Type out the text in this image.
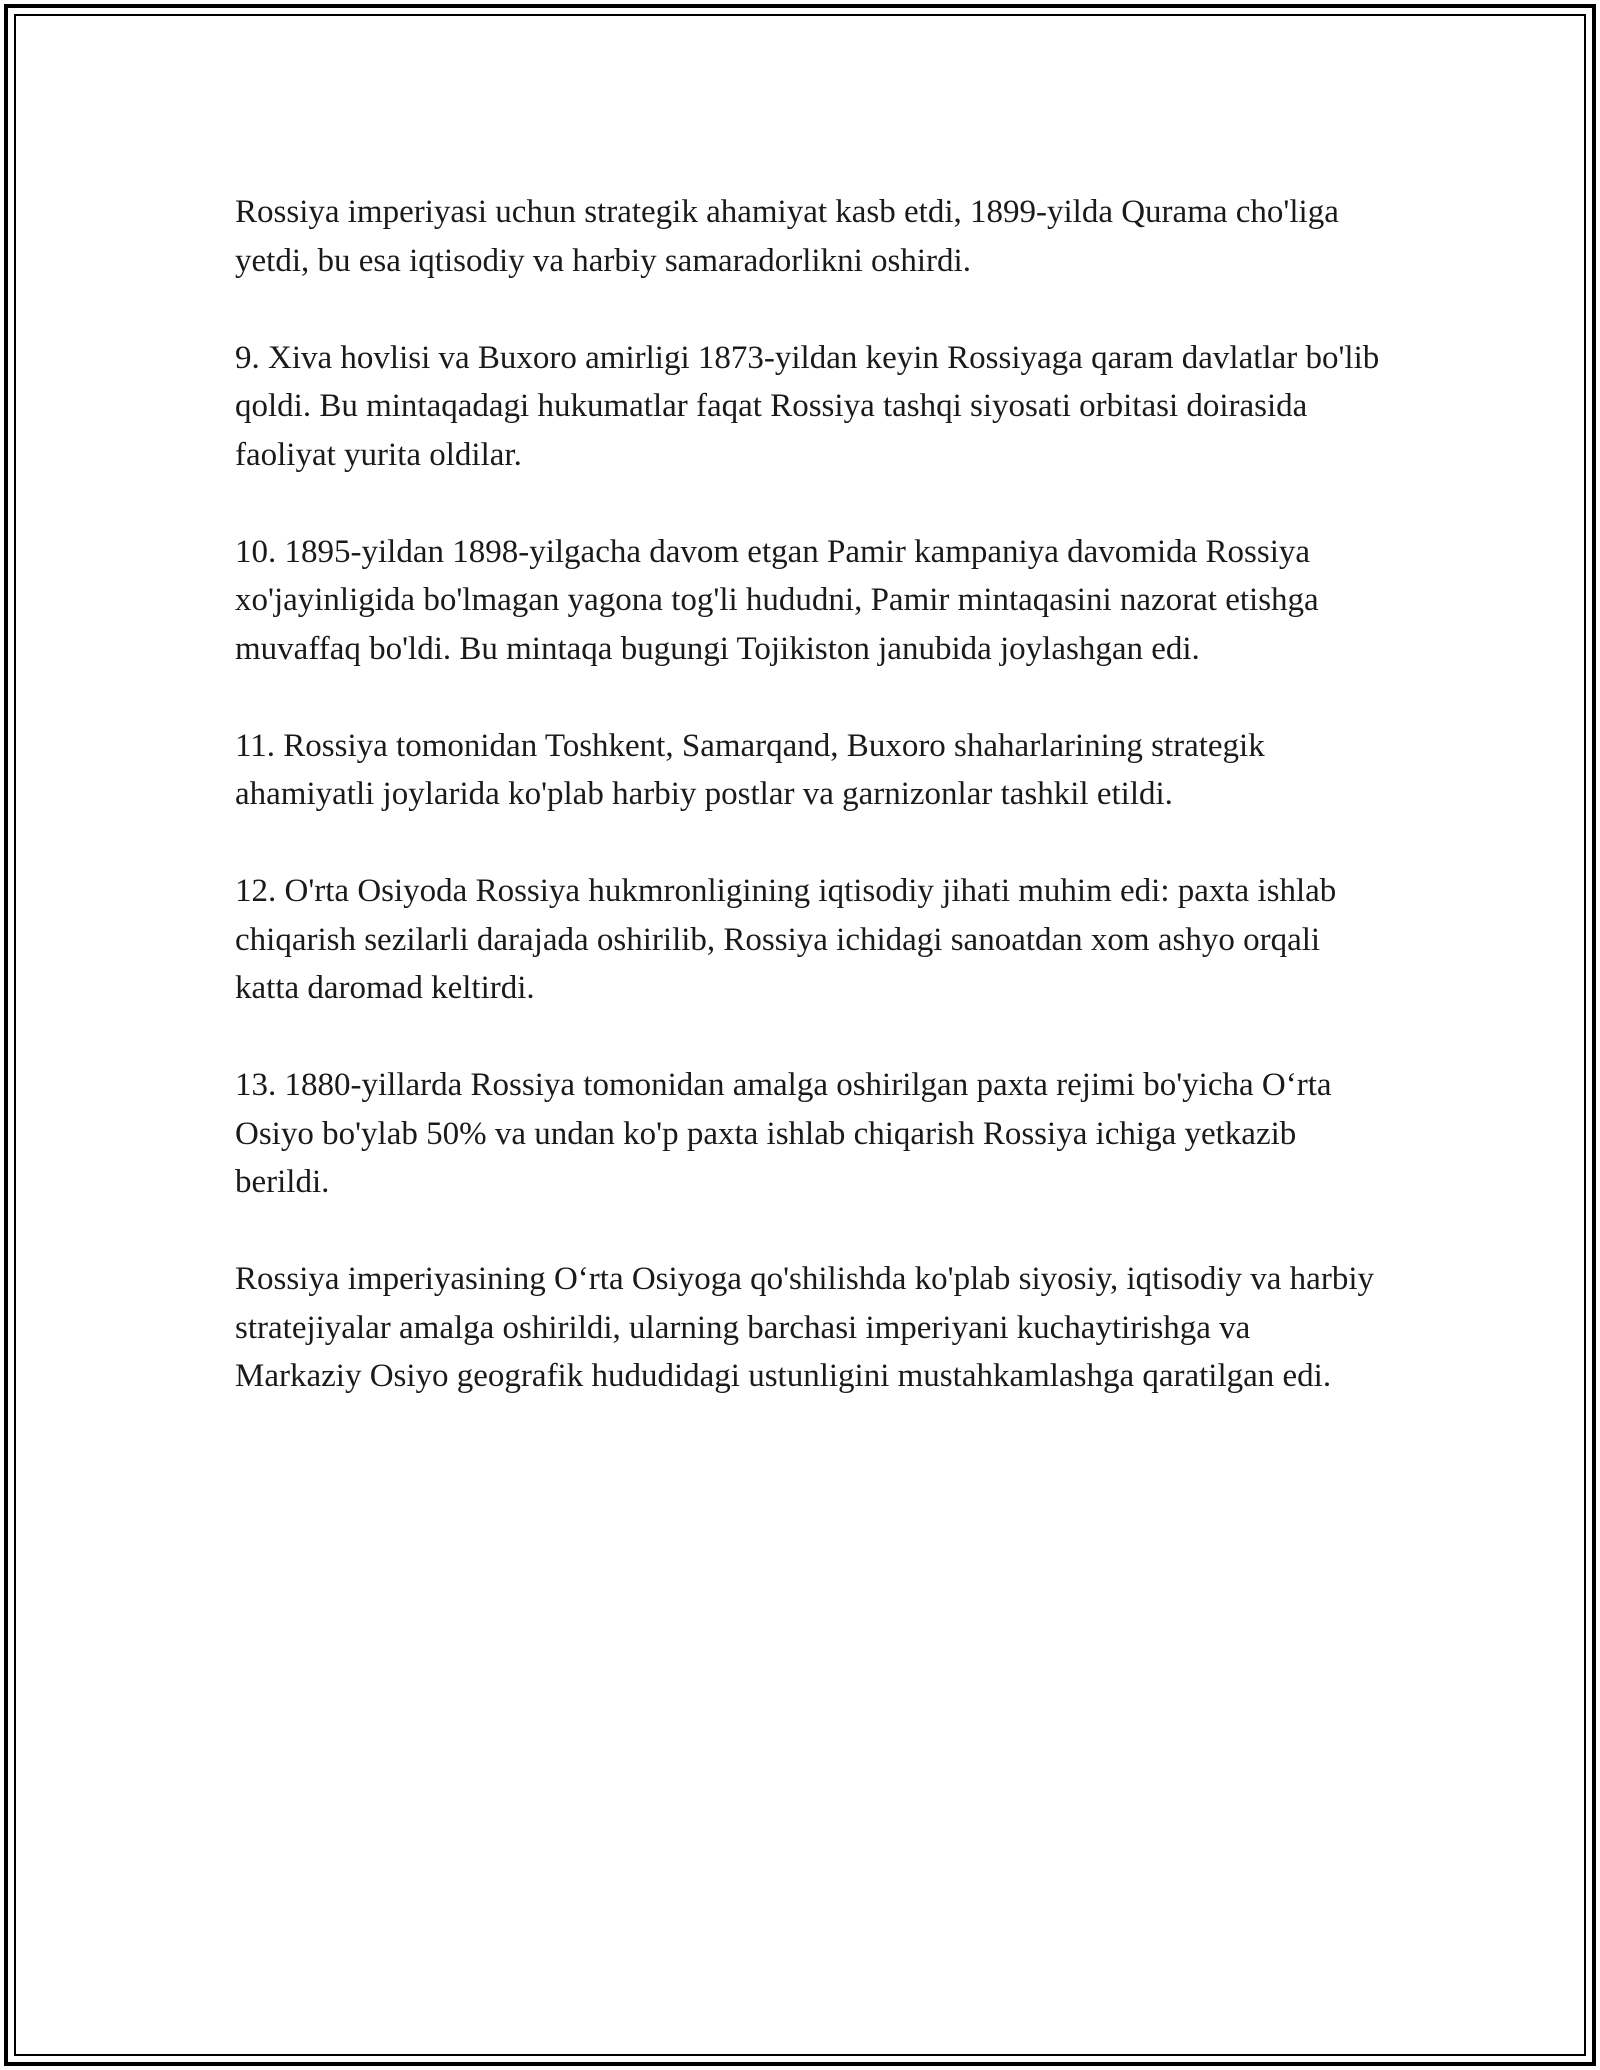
Rossiya imperiyasi uchun strategik ahamiyat kasb etdi, 1899-yilda Qurama cho'liga yetdi, bu esa iqtisodiy va harbiy samaradorlikni oshirdi.

9. Xiva hovlisi va Buxoro amirligi 1873-yildan keyin Rossiyaga qaram davlatlar bo'lib qoldi. Bu mintaqadagi hukumatlar faqat Rossiya tashqi siyosati orbitasi doirasida faoliyat yurita oldilar.

10. 1895-yildan 1898-yilgacha davom etgan Pamir kampaniya davomida Rossiya xo'jayinligida bo'lmagan yagona tog'li hududni, Pamir mintaqasini nazorat etishga muvaffaq bo'ldi. Bu mintaqa bugungi Tojikiston janubida joylashgan edi.

11. Rossiya tomonidan Toshkent, Samarqand, Buxoro shaharlarining strategik ahamiyatli joylarida ko'plab harbiy postlar va garnizonlar tashkil etildi.

12. O'rta Osiyoda Rossiya hukmronligining iqtisodiy jihati muhim edi: paxta ishlab chiqarish sezilarli darajada oshirilib, Rossiya ichidagi sanoatdan xom ashyo orqali katta daromad keltirdi.

13. 1880-yillarda Rossiya tomonidan amalga oshirilgan paxta rejimi bo'yicha Oʻrta Osiyo bo'ylab 50% va undan ko'p paxta ishlab chiqarish Rossiya ichiga yetkazib berildi.

Rossiya imperiyasining Oʻrta Osiyoga qo'shilishda ko'plab siyosiy, iqtisodiy va harbiy stratejiyalar amalga oshirildi, ularning barchasi imperiyani kuchaytirishga va Markaziy Osiyo geografik hududidagi ustunligini mustahkamlashga qaratilgan edi.
